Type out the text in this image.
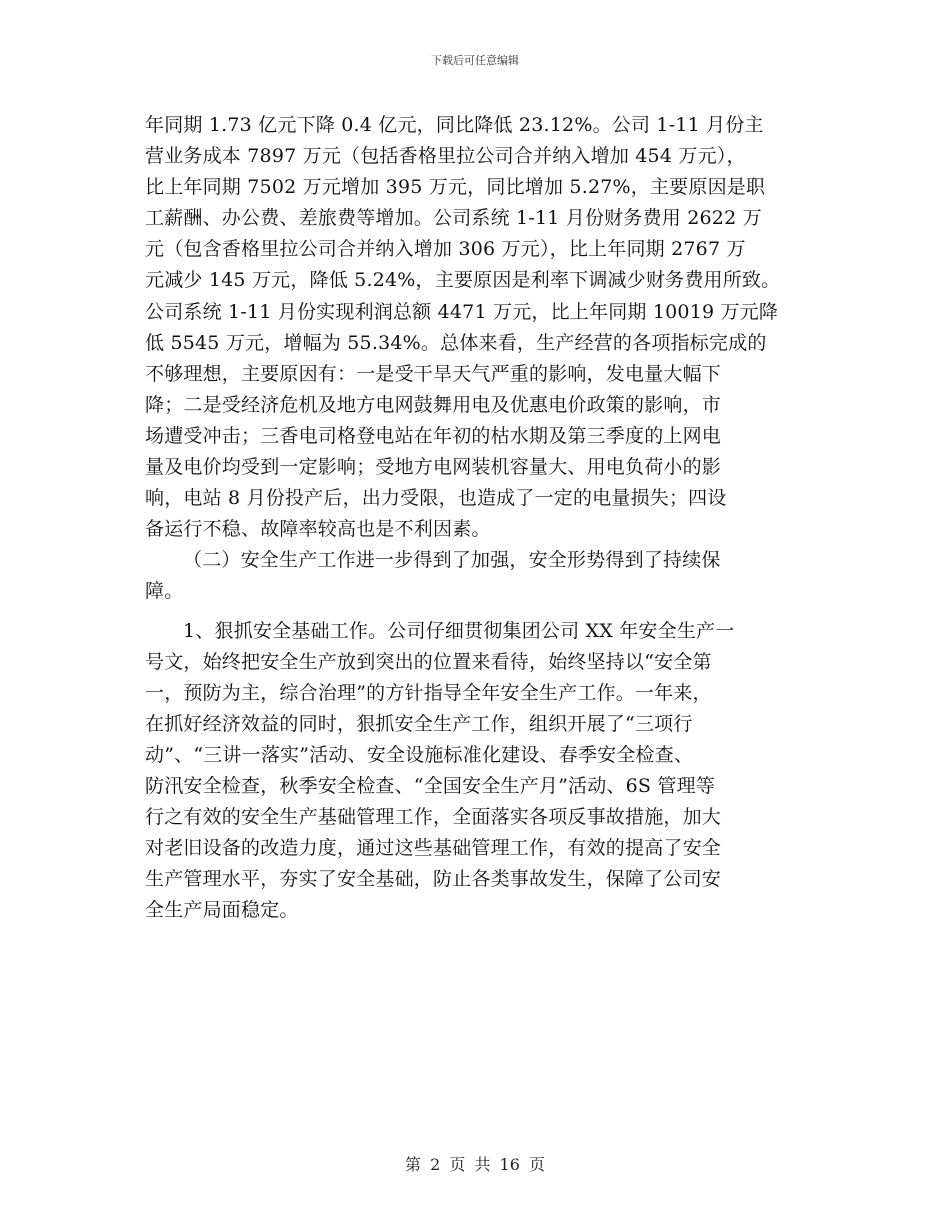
下载后可任意编辑
年同期 1.73 亿元下降 0.4 亿元，同比降低 23.12%。公司 1-11 月份主
营业务成本 7897 万元（包括香格里拉公司合并纳入增加 454 万元），
比上年同期 7502 万元增加 395 万元，同比增加 5.27%，主要原因是职
工薪酬、办公费、差旅费等增加。公司系统 1-11 月份财务费用 2622 万
元（包含香格里拉公司合并纳入增加 306 万元），比上年同期 2767 万
元减少 145 万元，降低 5.24%，主要原因是利率下调减少财务费用所致。
公司系统 1-11 月份实现利润总额 4471 万元，比上年同期 10019 万元降
低 5545 万元，增幅为 55.34%。总体来看，生产经营的各项指标完成的
不够理想，主要原因有：一是受干旱天气严重的影响，发电量大幅下
降；二是受经济危机及地方电网鼓舞用电及优惠电价政策的影响，市
场遭受冲击；三香电司格登电站在年初的枯水期及第三季度的上网电
量及电价均受到一定影响；受地方电网装机容量大、用电负荷小的影
响，电站 8 月份投产后，出力受限，也造成了一定的电量损失；四设
备运行不稳、故障率较高也是不利因素。
（二）安全生产工作进一步得到了加强，安全形势得到了持续保
障。
1、狠抓安全基础工作。公司仔细贯彻集团公司 XX 年安全生产一
号文，始终把安全生产放到突出的位置来看待，始终坚持以“安全第
一，预防为主，综合治理”的方针指导全年安全生产工作。一年来，
在抓好经济效益的同时，狠抓安全生产工作，组织开展了“三项行
动”、“三讲一落实”活动、安全设施标准化建设、春季安全检查、
防汛安全检查，秋季安全检查、“全国安全生产月”活动、6S 管理等
行之有效的安全生产基础管理工作，全面落实各项反事故措施，加大
对老旧设备的改造力度，通过这些基础管理工作，有效的提高了安全
生产管理水平，夯实了安全基础，防止各类事故发生，保障了公司安
全生产局面稳定。
第 2 页 共 16 页
